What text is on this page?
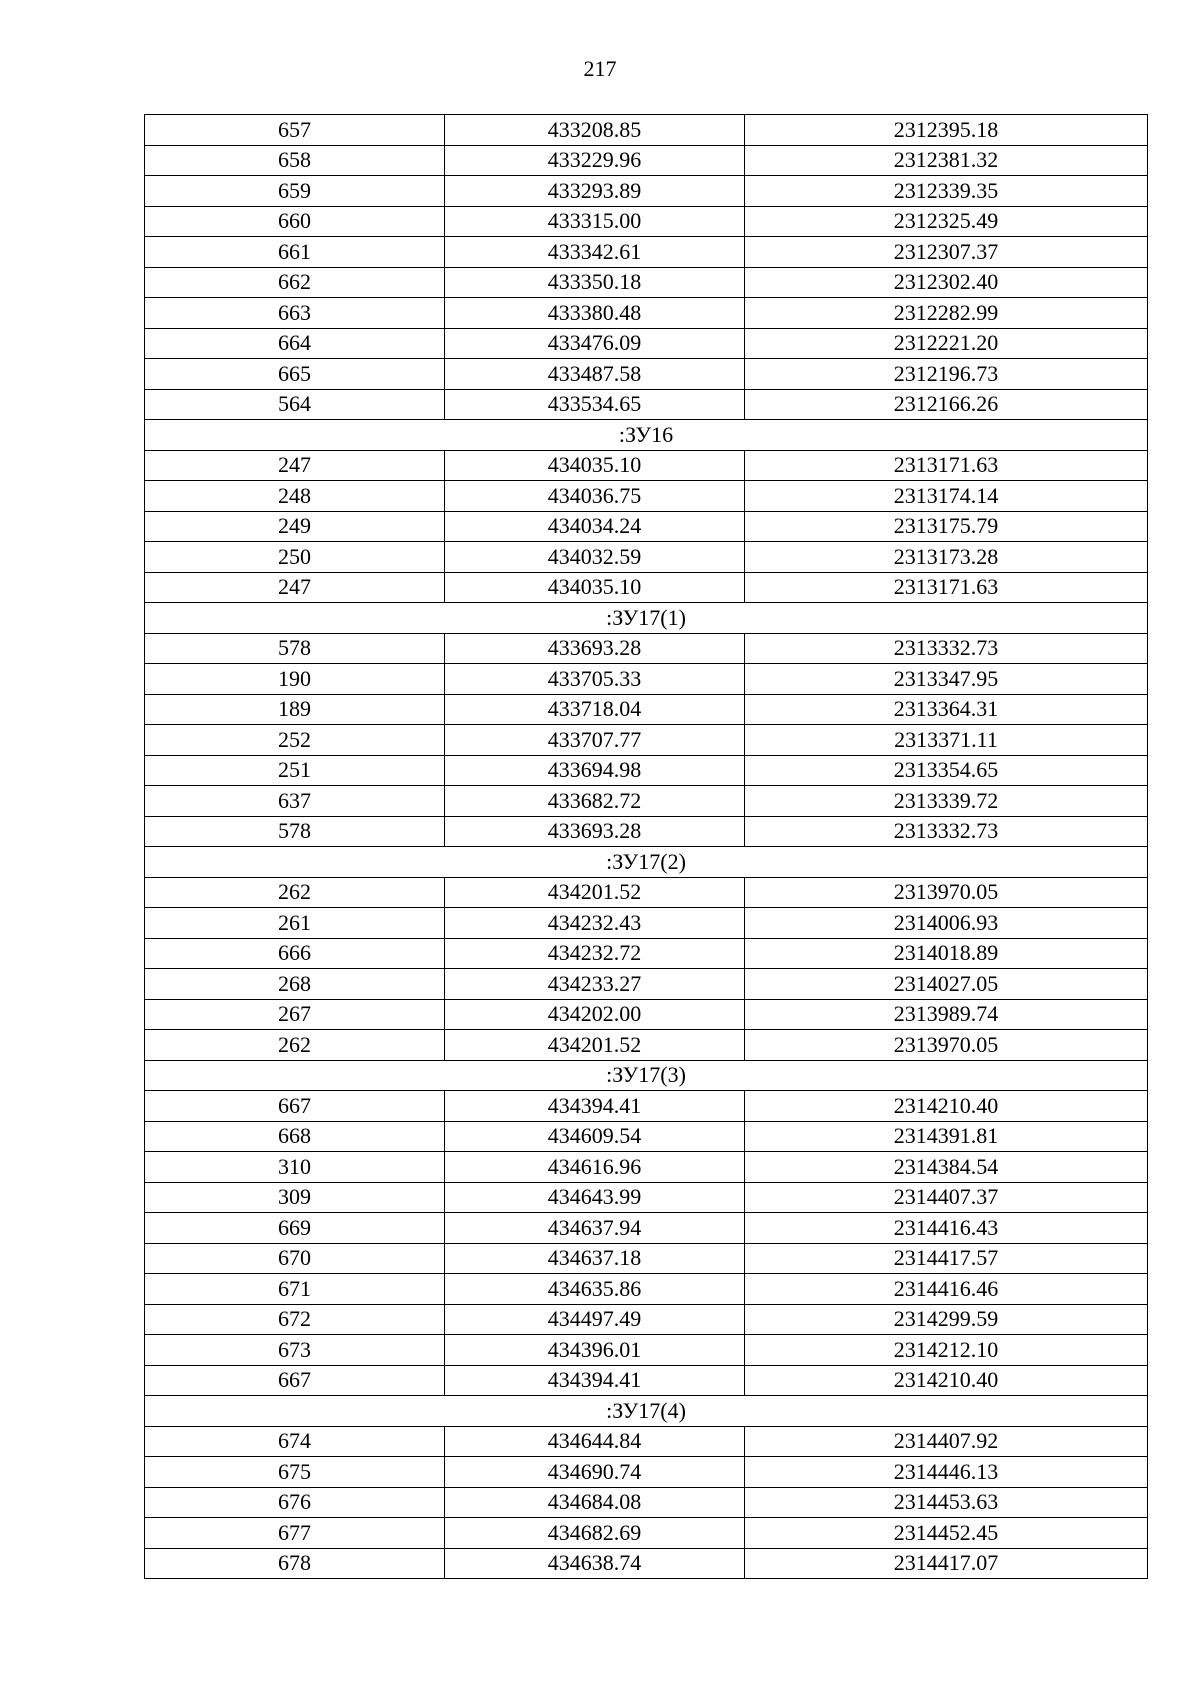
217
657	433208.85	2312395.18
658	433229.96	2312381.32
659	433293.89	2312339.35
660	433315.00	2312325.49
661	433342.61	2312307.37
662	433350.18	2312302.40
663	433380.48	2312282.99
664	433476.09	2312221.20
665	433487.58	2312196.73
564	433534.65	2312166.26
:ЗУ16		
247	434035.10	2313171.63
248	434036.75	2313174.14
249	434034.24	2313175.79
250	434032.59	2313173.28
247	434035.10	2313171.63
:ЗУ17(1)		
578	433693.28	2313332.73
190	433705.33	2313347.95
189	433718.04	2313364.31
252	433707.77	2313371.11
251	433694.98	2313354.65
637	433682.72	2313339.72
578	433693.28	2313332.73
:ЗУ17(2)		
262	434201.52	2313970.05
261	434232.43	2314006.93
666	434232.72	2314018.89
268	434233.27	2314027.05
267	434202.00	2313989.74
262	434201.52	2313970.05
:ЗУ17(3)		
667	434394.41	2314210.40
668	434609.54	2314391.81
310	434616.96	2314384.54
309	434643.99	2314407.37
669	434637.94	2314416.43
670	434637.18	2314417.57
671	434635.86	2314416.46
672	434497.49	2314299.59
673	434396.01	2314212.10
667	434394.41	2314210.40
:ЗУ17(4)		
674	434644.84	2314407.92
675	434690.74	2314446.13
676	434684.08	2314453.63
677	434682.69	2314452.45
678	434638.74	2314417.07
